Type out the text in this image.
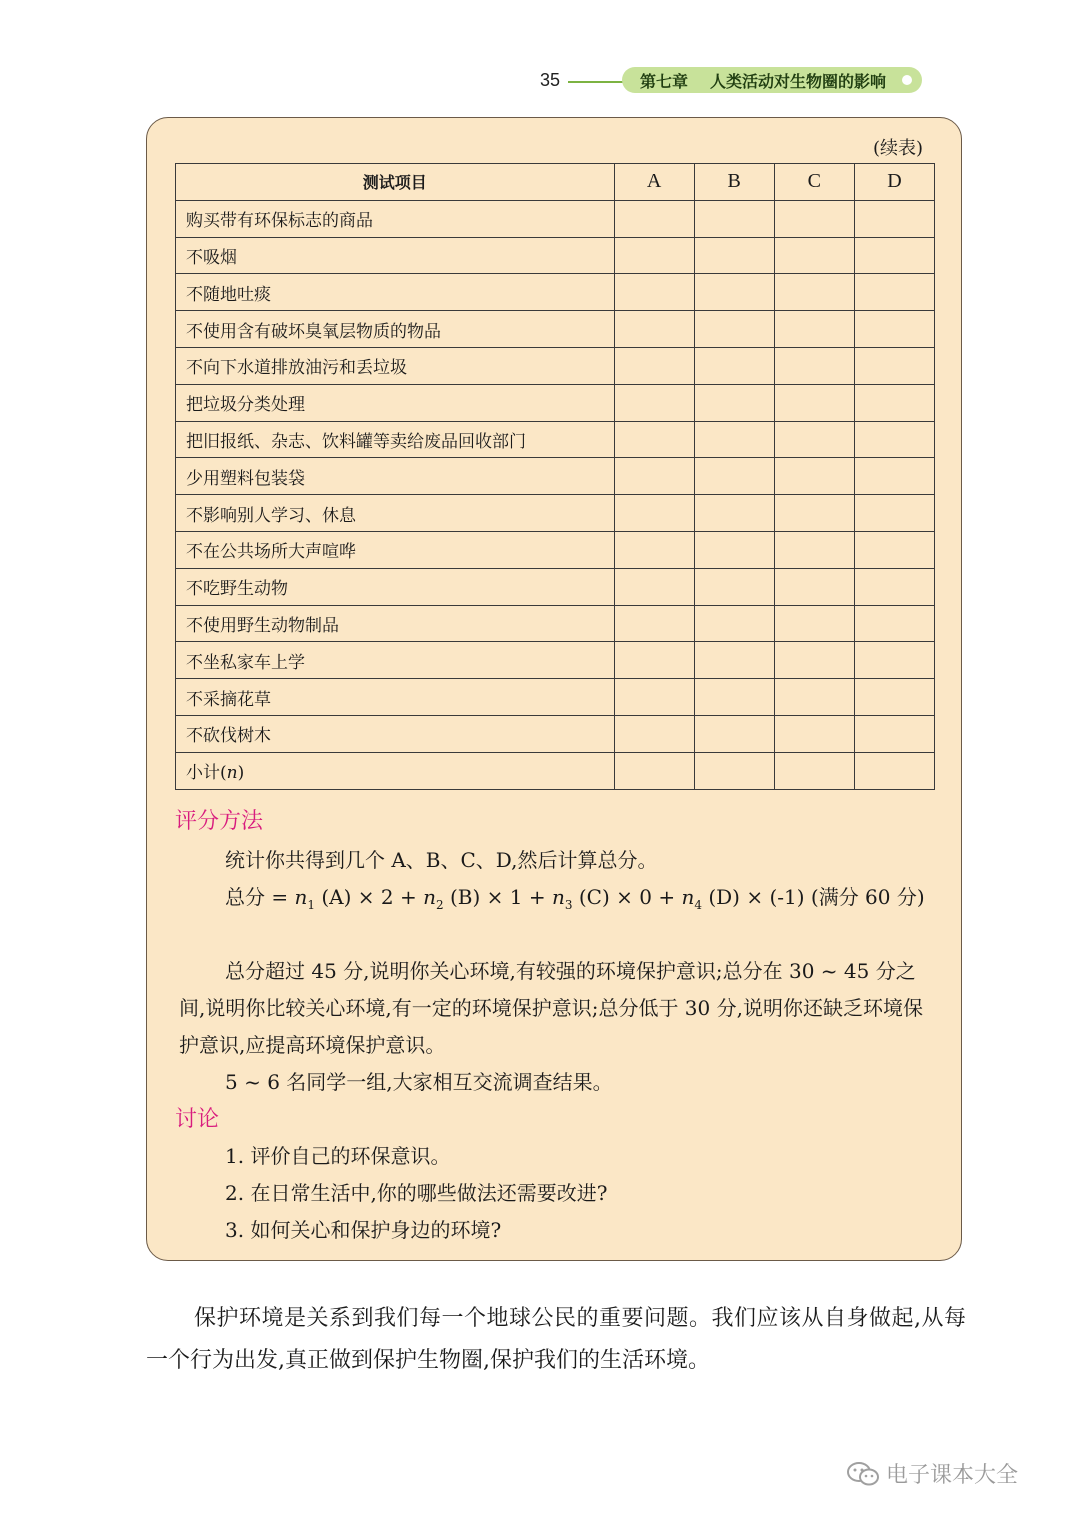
35	第七章 人类活动对生物圈的影响
(续表)
测试项目	A	B	C	D
购买带有环保标志的商品				
不吸烟				
不随地吐痰				
不使用含有破坏臭氧层物质的物品				
不向下水道排放油污和丢垃圾				
把垃圾分类处理				
把旧报纸、杂志、饮料罐等卖给废品回收部门				
少用塑料包装袋				
不影响别人学习、休息				
不在公共场所大声喧哗				
不吃野生动物				
不使用野生动物制品				
不坐私家车上学				
不采摘花草				
不砍伐树木				
小计(n)				
评分方法
统计你共得到几个 A、B、C、D,然后计算总分。
总分 = $n_1$ $(A) \times 2 + n_2$ $(B) \times 1 + n_3$ $(C) \times 0 + n_4$ (D) × (-1) (满分 60 分)
总分超过 45 分,说明你关心环境,有较强的环境保护意识;总分在 30 ~ 45 分之间,说明你比较关心环境,有一定的环境保护意识;总分低于 30 分,说明你还缺乏环境保护意识,应提高环境保护意识。
5 ~ 6 名同学一组,大家相互交流调查结果。
讨论
1. 评价自己的环保意识。
2. 在日常生活中,你的哪些做法还需要改进?
3. 如何关心和保护身边的环境?
保护环境是关系到我们每一个地球公民的重要问题。我们应该从自身做起,从每一个行为出发,真正做到保护生物圈,保护我们的生活环境。
电子课本大全
